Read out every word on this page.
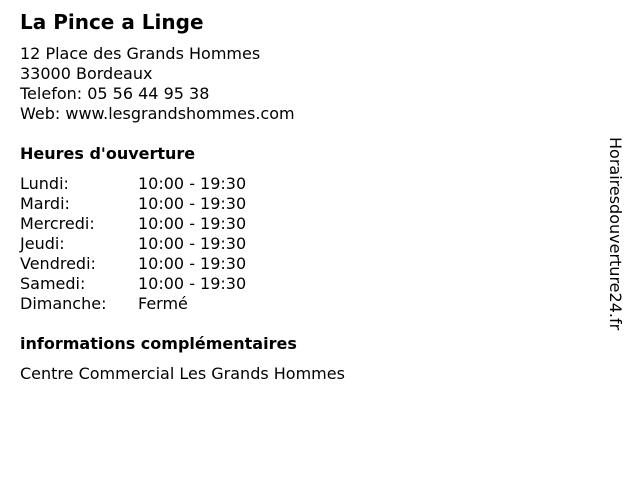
La Pince a Linge
12 Place des Grands Hommes
33000 Bordeaux
Telefon: 05 56 44 95 38
Web: www.lesgrandshommes.com
Heures d'ouverture
Lundi:	10:00 - 19:30
Mardi:	10:00 - 19:30
Mercredi:	10:00 - 19:30
Jeudi:	10:00 - 19:30
Vendredi:	10:00 - 19:30
Samedi:	10:00 - 19:30
Dimanche: Fermé
informations complémentaires
Centre Commercial Les Grands Hommes
Horairesdouverture24.fr
